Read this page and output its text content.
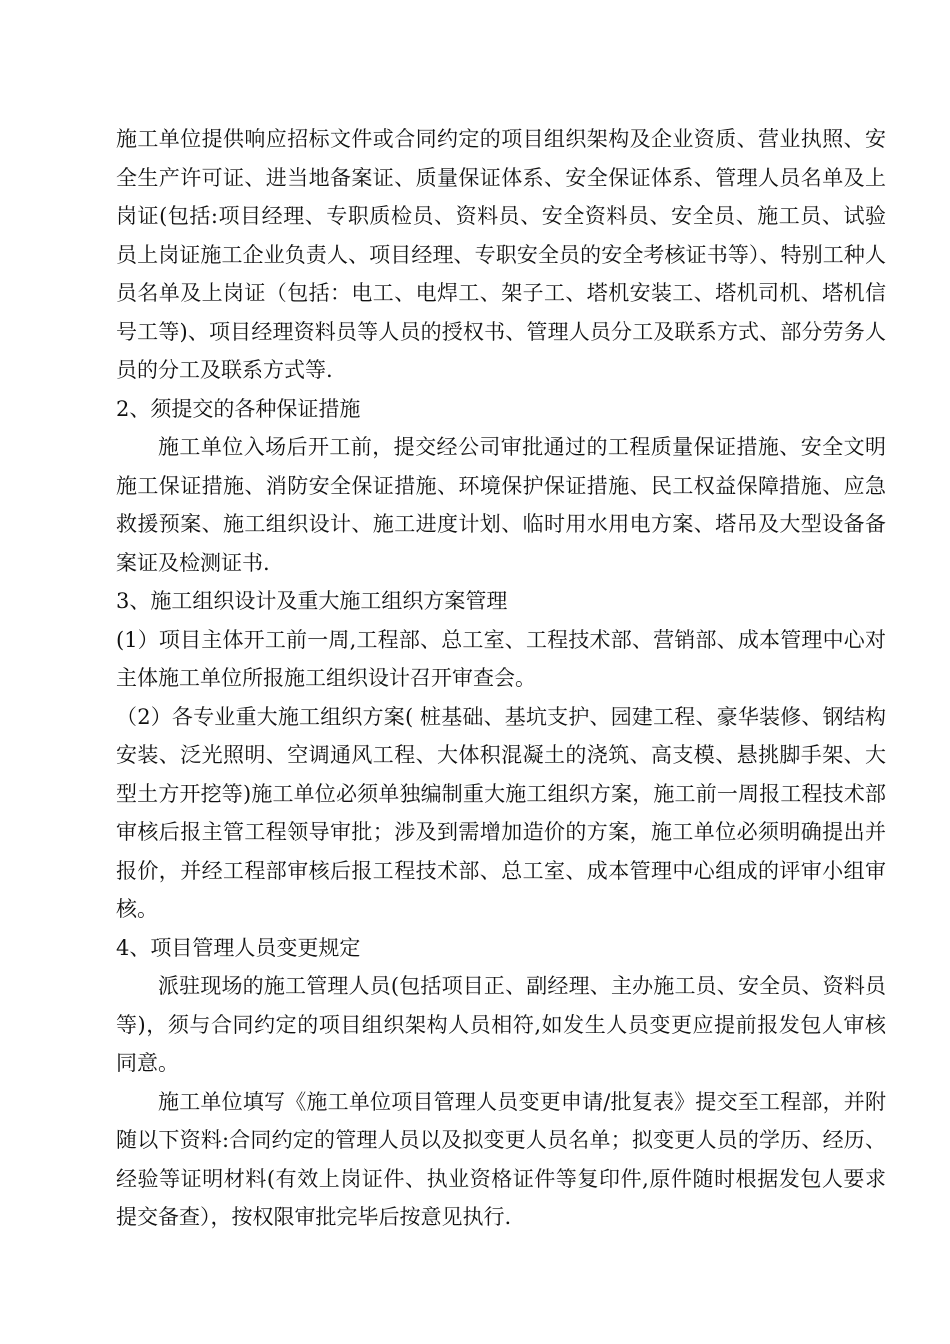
施工单位提供响应招标文件或合同约定的项目组织架构及企业资质、营业执照、安全生产许可证、进当地备案证、质量保证体系、安全保证体系、管理人员名单及上岗证(包括:项目经理、专职质检员、资料员、安全资料员、安全员、施工员、试验员上岗证施工企业负责人、项目经理、专职安全员的安全考核证书等）、特别工种人员名单及上岗证（包括：电工、电焊工、架子工、塔机安装工、塔机司机、塔机信号工等)、项目经理资料员等人员的授权书、管理人员分工及联系方式、部分劳务人员的分工及联系方式等.

2、须提交的各种保证措施

施工单位入场后开工前，提交经公司审批通过的工程质量保证措施、安全文明施工保证措施、消防安全保证措施、环境保护保证措施、民工权益保障措施、应急救援预案、施工组织设计、施工进度计划、临时用水用电方案、塔吊及大型设备备案证及检测证书.

3、施工组织设计及重大施工组织方案管理

(1）项目主体开工前一周,工程部、总工室、工程技术部、营销部、成本管理中心对主体施工单位所报施工组织设计召开审查会。

（2）各专业重大施工组织方案( 桩基础、基坑支护、园建工程、豪华装修、钢结构安装、泛光照明、空调通风工程、大体积混凝土的浇筑、高支模、悬挑脚手架、大型土方开挖等)施工单位必须单独编制重大施工组织方案，施工前一周报工程技术部审核后报主管工程领导审批；涉及到需增加造价的方案，施工单位必须明确提出并报价，并经工程部审核后报工程技术部、总工室、成本管理中心组成的评审小组审核。

4、项目管理人员变更规定

派驻现场的施工管理人员(包括项目正、副经理、主办施工员、安全员、资料员等)，须与合同约定的项目组织架构人员相符,如发生人员变更应提前报发包人审核同意。

施工单位填写《施工单位项目管理人员变更申请/批复表》提交至工程部，并附随以下资料:合同约定的管理人员以及拟变更人员名单；拟变更人员的学历、经历、经验等证明材料(有效上岗证件、执业资格证件等复印件,原件随时根据发包人要求提交备查），按权限审批完毕后按意见执行.
